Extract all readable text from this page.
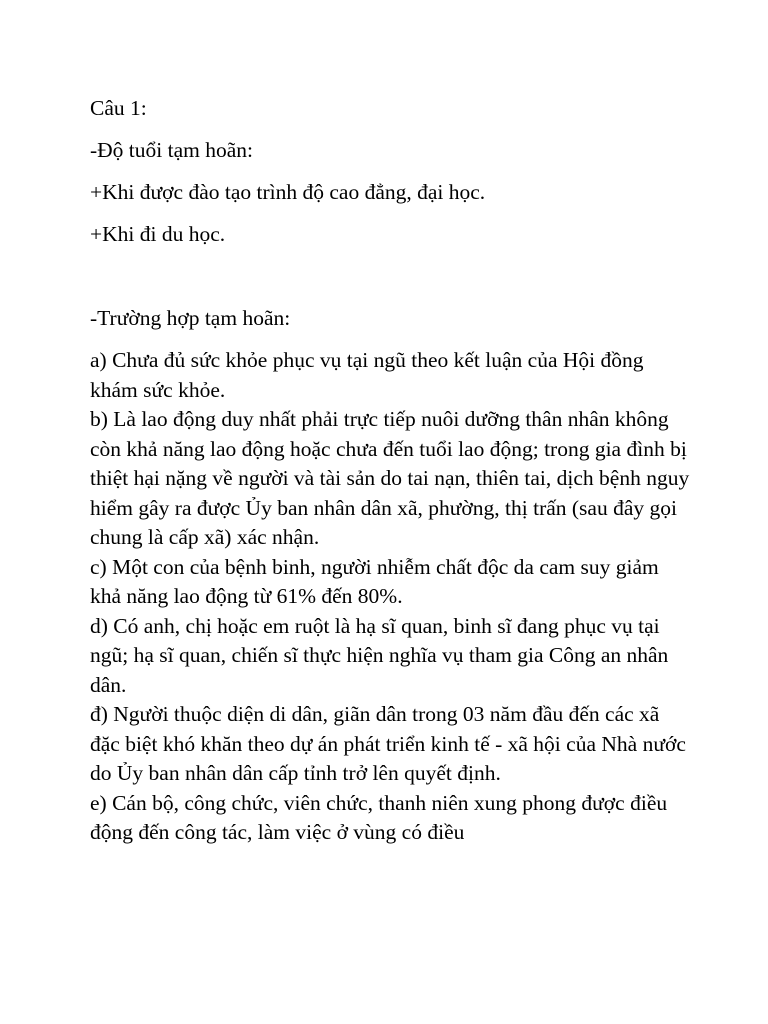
Câu 1:

-Độ tuổi tạm hoãn:

+Khi được đào tạo trình độ cao đẳng, đại học.

+Khi đi du học.

-Trường hợp tạm hoãn:

a) Chưa đủ sức khỏe phục vụ tại ngũ theo kết luận của Hội đồng khám sức khỏe.

b) Là lao động duy nhất phải trực tiếp nuôi dưỡng thân nhân không còn khả năng lao động hoặc chưa đến tuổi lao động; trong gia đình bị thiệt hại nặng về người và tài sản do tai nạn, thiên tai, dịch bệnh nguy hiểm gây ra được Ủy ban nhân dân xã, phường, thị trấn (sau đây gọi chung là cấp xã) xác nhận.

c) Một con của bệnh binh, người nhiễm chất độc da cam suy giảm khả năng lao động từ 61% đến 80%.

d) Có anh, chị hoặc em ruột là hạ sĩ quan, binh sĩ đang phục vụ tại ngũ; hạ sĩ quan, chiến sĩ thực hiện nghĩa vụ tham gia Công an nhân dân.

đ) Người thuộc diện di dân, giãn dân trong 03 năm đầu đến các xã đặc biệt khó khăn theo dự án phát triển kinh tế - xã hội của Nhà nước do Ủy ban nhân dân cấp tỉnh trở lên quyết định.

e) Cán bộ, công chức, viên chức, thanh niên xung phong được điều động đến công tác, làm việc ở vùng có điều
